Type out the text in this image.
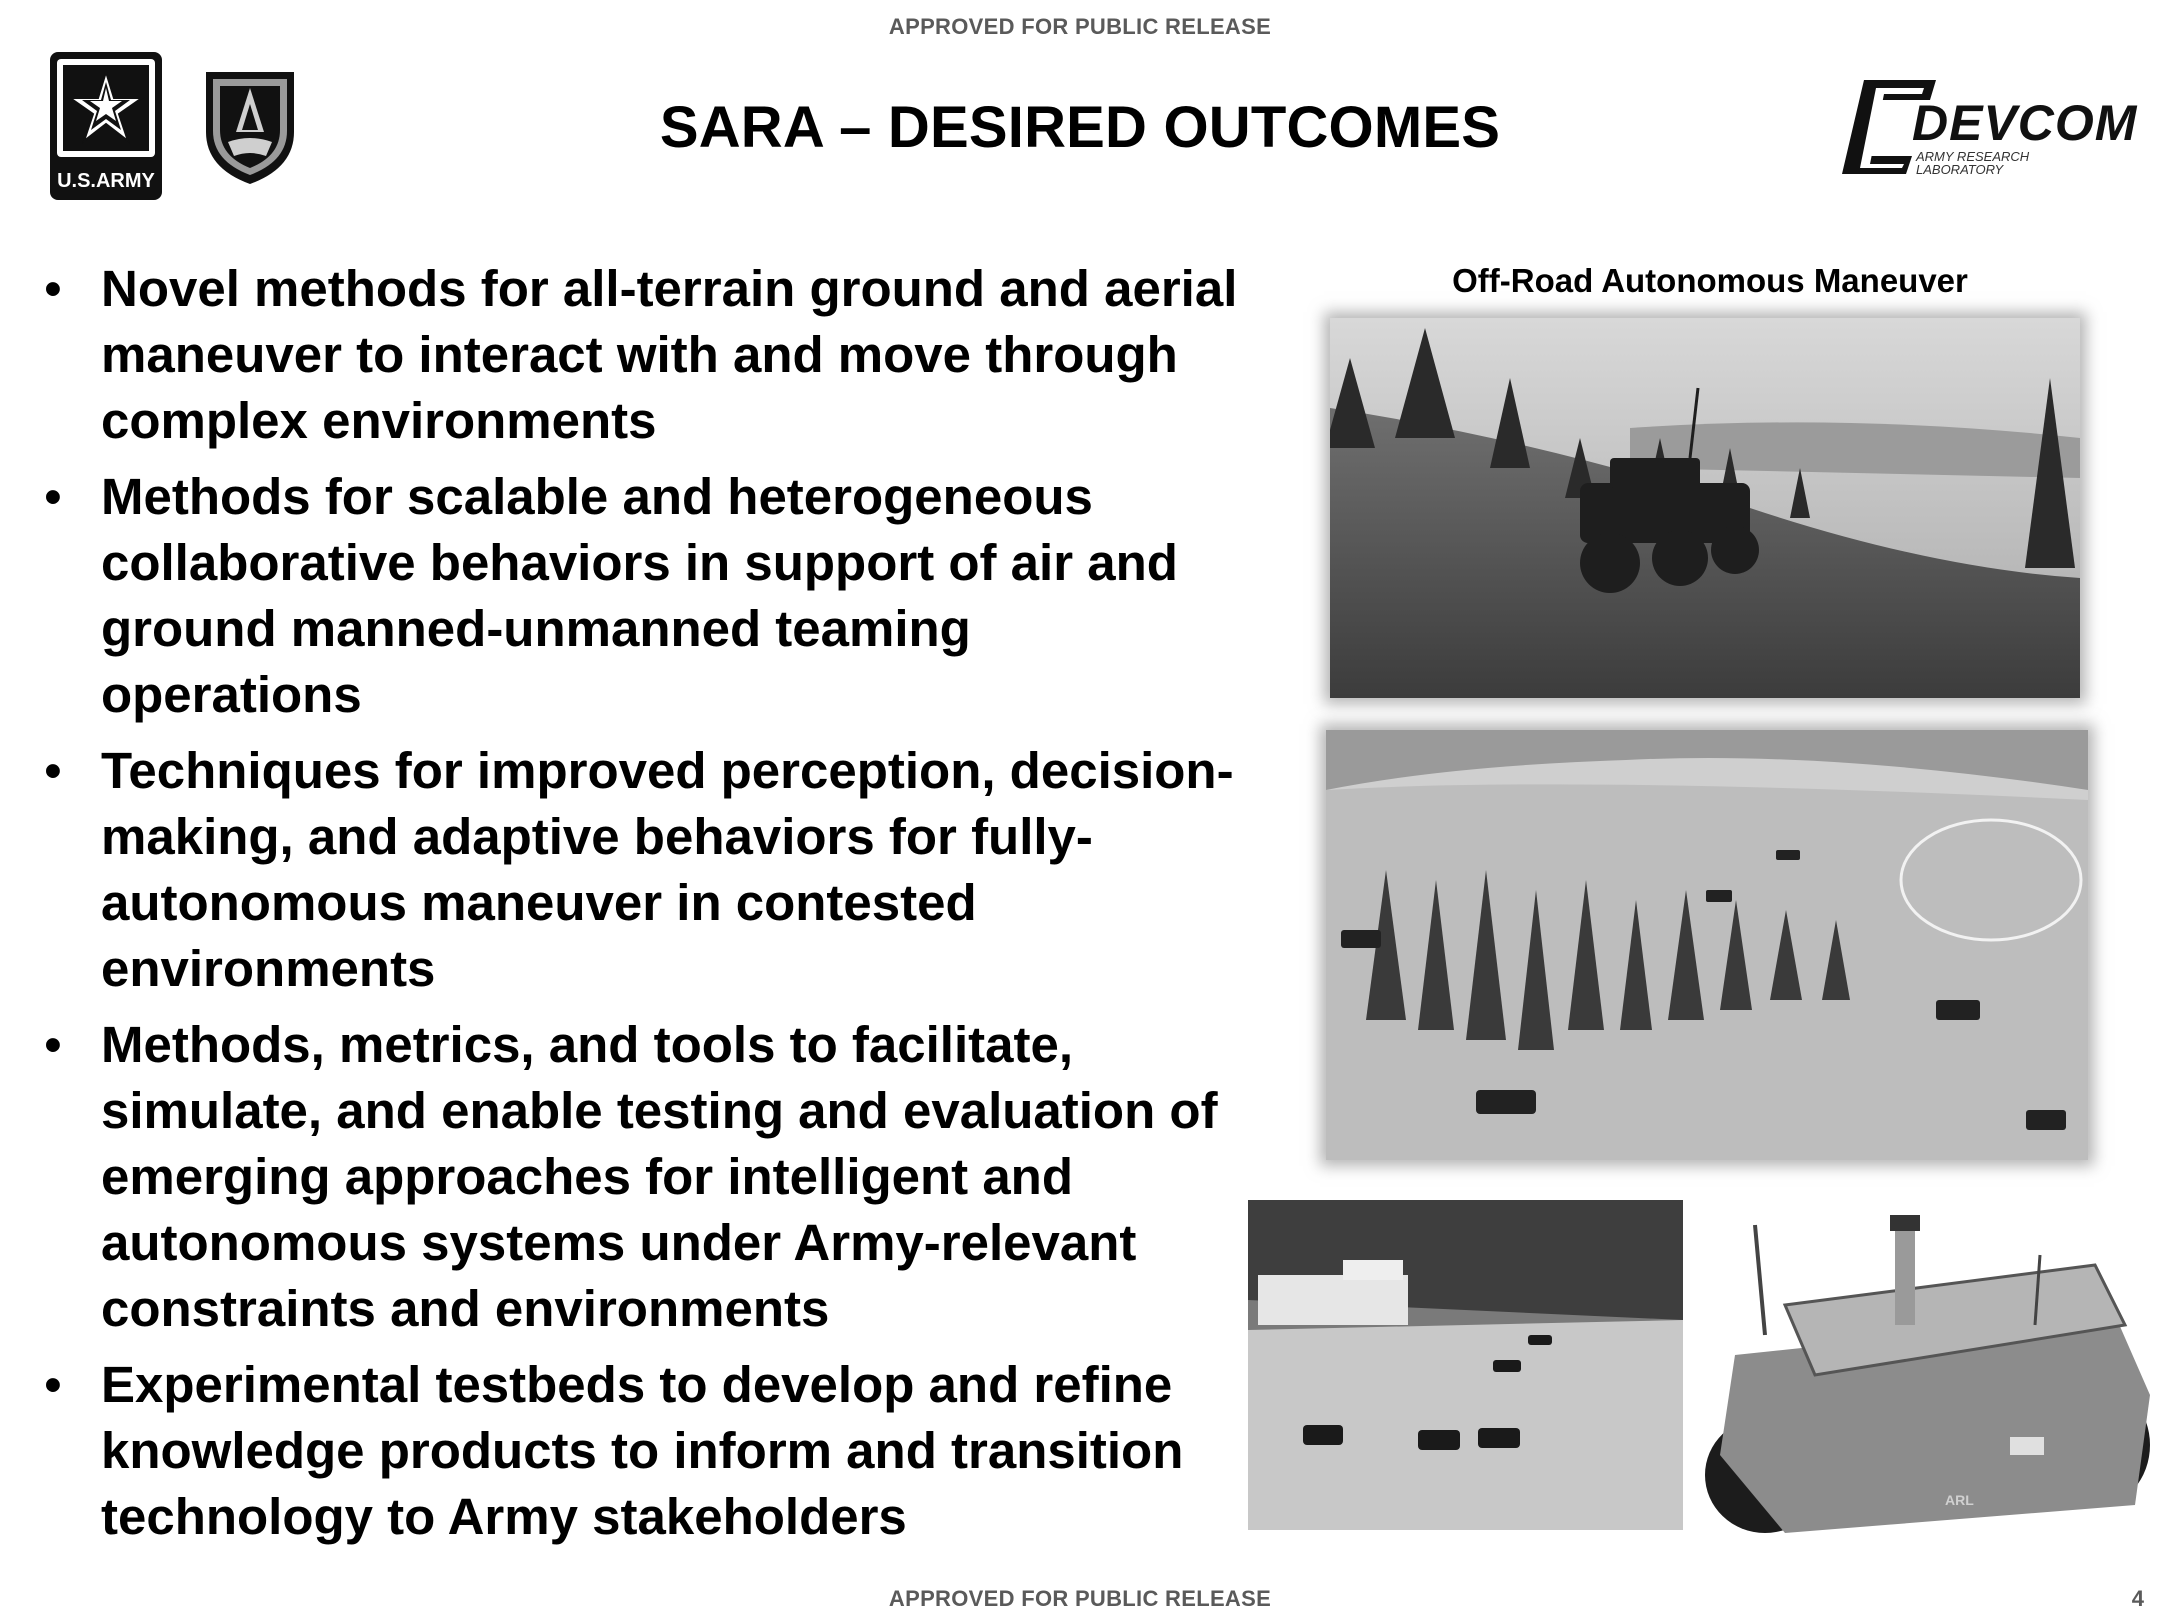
APPROVED FOR PUBLIC RELEASE
U.S.ARMY
SARA – DESIRED OUTCOMES	DEVCOM
ARMY RESEARCH
LABORATORY
• Novel methods for all-terrain ground and aerial maneuver to interact with and move through complex environments
• Methods for scalable and heterogeneous collaborative behaviors in support of air and ground manned-unmanned teaming operations
• Techniques for improved perception, decision-making, and adaptive behaviors for fully-autonomous maneuver in contested environments
• Methods, metrics, and tools to facilitate, simulate, and enable testing and evaluation of emerging approaches for intelligent and autonomous systems under Army-relevant constraints and environments
• Experimental testbeds to develop and refine knowledge products to inform and transition technology to Army stakeholders
Off-Road Autonomous Maneuver
ARL
APPROVED FOR PUBLIC RELEASE	4
